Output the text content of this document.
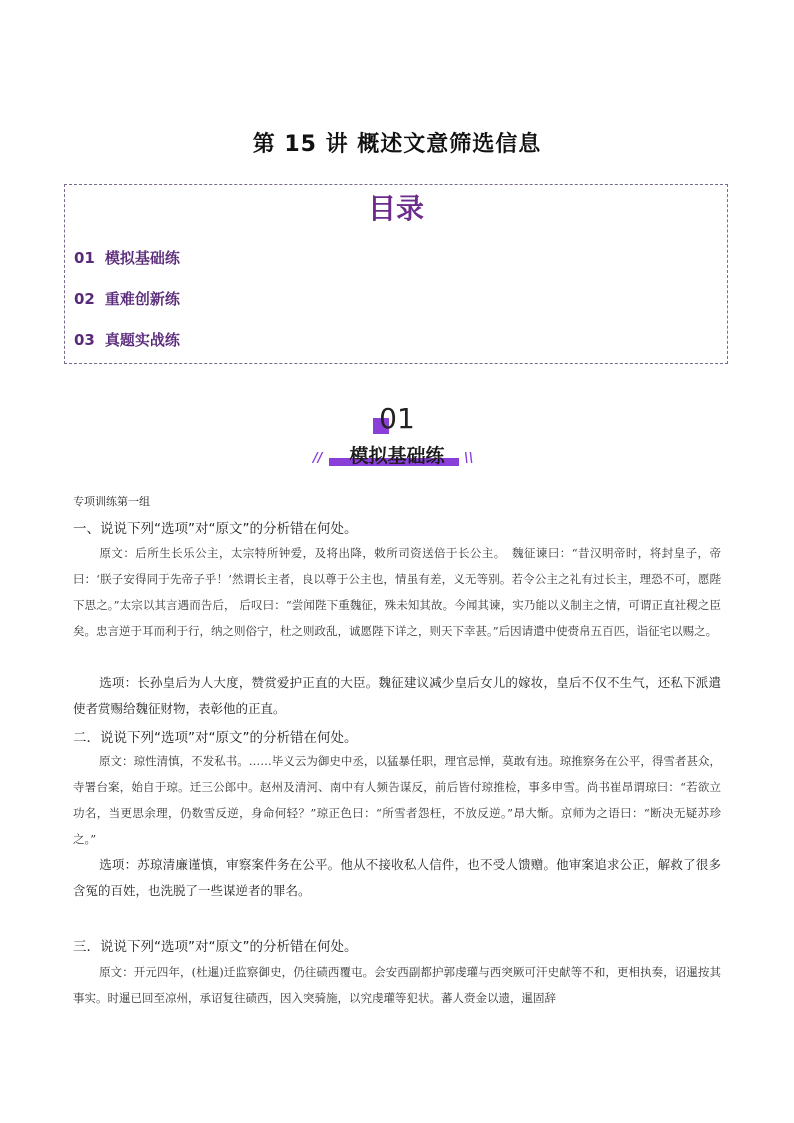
第 15 讲 概述文意筛选信息
目录
01 模拟基础练
02 重难创新练
03 真题实战练
01
//	模拟基础练	\\
专项训练第一组
一、说说下列“选项”对“原文”的分析错在何处。
原文：后所生长乐公主，太宗特所钟爱，及将出降，敕所司资送倍于长公主。　魏征谏曰：“昔汉明帝时，将封皇子，帝曰：‘朕子安得同于先帝子乎！’然谓长主者，良以尊于公主也，情虽有差，义无等别。若令公主之礼有过长主，理恐不可，愿陛下思之。”太宗以其言遇而告后， 后叹曰：“尝闻陛下重魏征，殊未知其故。今闻其谏，实乃能以义制主之情，可谓正直社稷之臣矣。忠言逆于耳而利于行，纳之则俗宁，杜之则政乱，诚愿陛下详之，则天下幸甚。”后因请遣中使赍帛五百匹，诣征宅以赐之。
选项：长孙皇后为人大度，赞赏爱护正直的大臣。魏征建议减少皇后女儿的嫁妆，皇后不仅不生气，还私下派遣使者赏赐给魏征财物，表彰他的正直。
二．说说下列“选项”对“原文”的分析错在何处。
原文：琼性清慎，不发私书。……毕义云为御史中丞，以猛暴任职，理官忌惮，莫敢有违。琼推察务在公平，得雪者甚众，寺署台案，始自于琼。迁三公郎中。赵州及清河、南中有人频告谋反，前后皆付琼推检，事多申雪。尚书崔昂谓琼曰：“若欲立功名，当更思余理，仍数雪反逆，身命何轻？”琼正色曰：“所雪者怨枉，不放反逆。”昂大惭。京师为之语曰：“断决无疑苏珍之。”
选项：苏琼清廉谨慎，审察案件务在公平。他从不接收私人信件，也不受人馈赠。他审案追求公正，解救了很多含冤的百姓，也洗脱了一些谋逆者的罪名。
三．说说下列“选项”对“原文”的分析错在何处。
原文：开元四年，(杜暹)迁监察御史，仍往碛西覆屯。会安西副都护郭虔瓘与西突厥可汗史献等不和，更相执奏，诏暹按其事实。时暹已回至凉州，承诏复往碛西，因入突骑施，以究虔瓘等犯状。蕃人赍金以遗，暹固辞
